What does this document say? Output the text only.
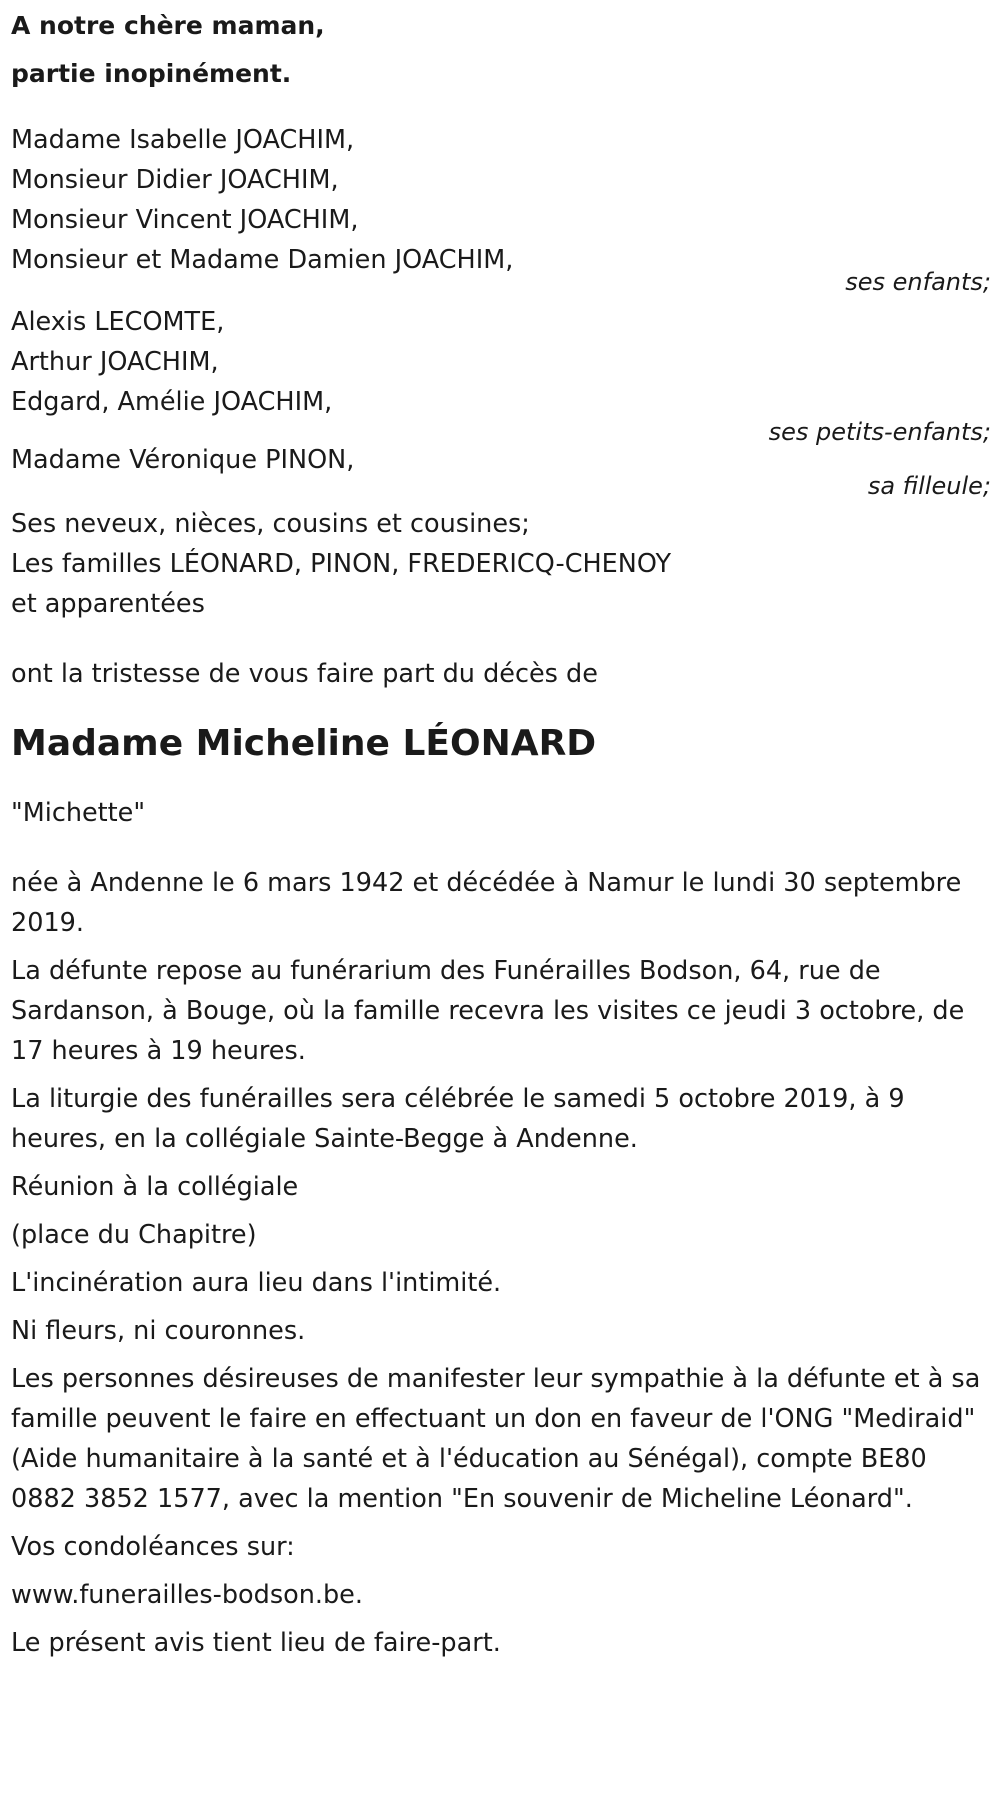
A notre chère maman,
partie inopinément.
Madame Isabelle JOACHIM,
Monsieur Didier JOACHIM,
Monsieur Vincent JOACHIM,
Monsieur et Madame Damien JOACHIM,
ses enfants;
Alexis LECOMTE,
Arthur JOACHIM,
Edgard, Amélie JOACHIM,
ses petits-enfants;
Madame Véronique PINON,
sa filleule;
Ses neveux, nièces, cousins et cousines;
Les familles LÉONARD, PINON, FREDERICQ-CHENOY
et apparentées
ont la tristesse de vous faire part du décès de
Madame Micheline LÉONARD
"Michette"
née à Andenne le 6 mars 1942 et décédée à Namur le lundi 30 septembre 2019.
La défunte repose au funérarium des Funérailles Bodson, 64, rue de Sardanson, à Bouge, où la famille recevra les visites ce jeudi 3 octobre, de 17 heures à 19 heures.
La liturgie des funérailles sera célébrée le samedi 5 octobre 2019, à 9 heures, en la collégiale Sainte-Begge à Andenne.
Réunion à la collégiale
(place du Chapitre)
L'incinération aura lieu dans l'intimité.
Ni fleurs, ni couronnes.
Les personnes désireuses de manifester leur sympathie à la défunte et à sa famille peuvent le faire en effectuant un don en faveur de l'ONG "Mediraid" (Aide humanitaire à la santé et à l'éducation au Sénégal), compte BE80 0882 3852 1577, avec la mention "En souvenir de Micheline Léonard".
Vos condoléances sur:
www.funerailles-bodson.be.
Le présent avis tient lieu de faire-part.
